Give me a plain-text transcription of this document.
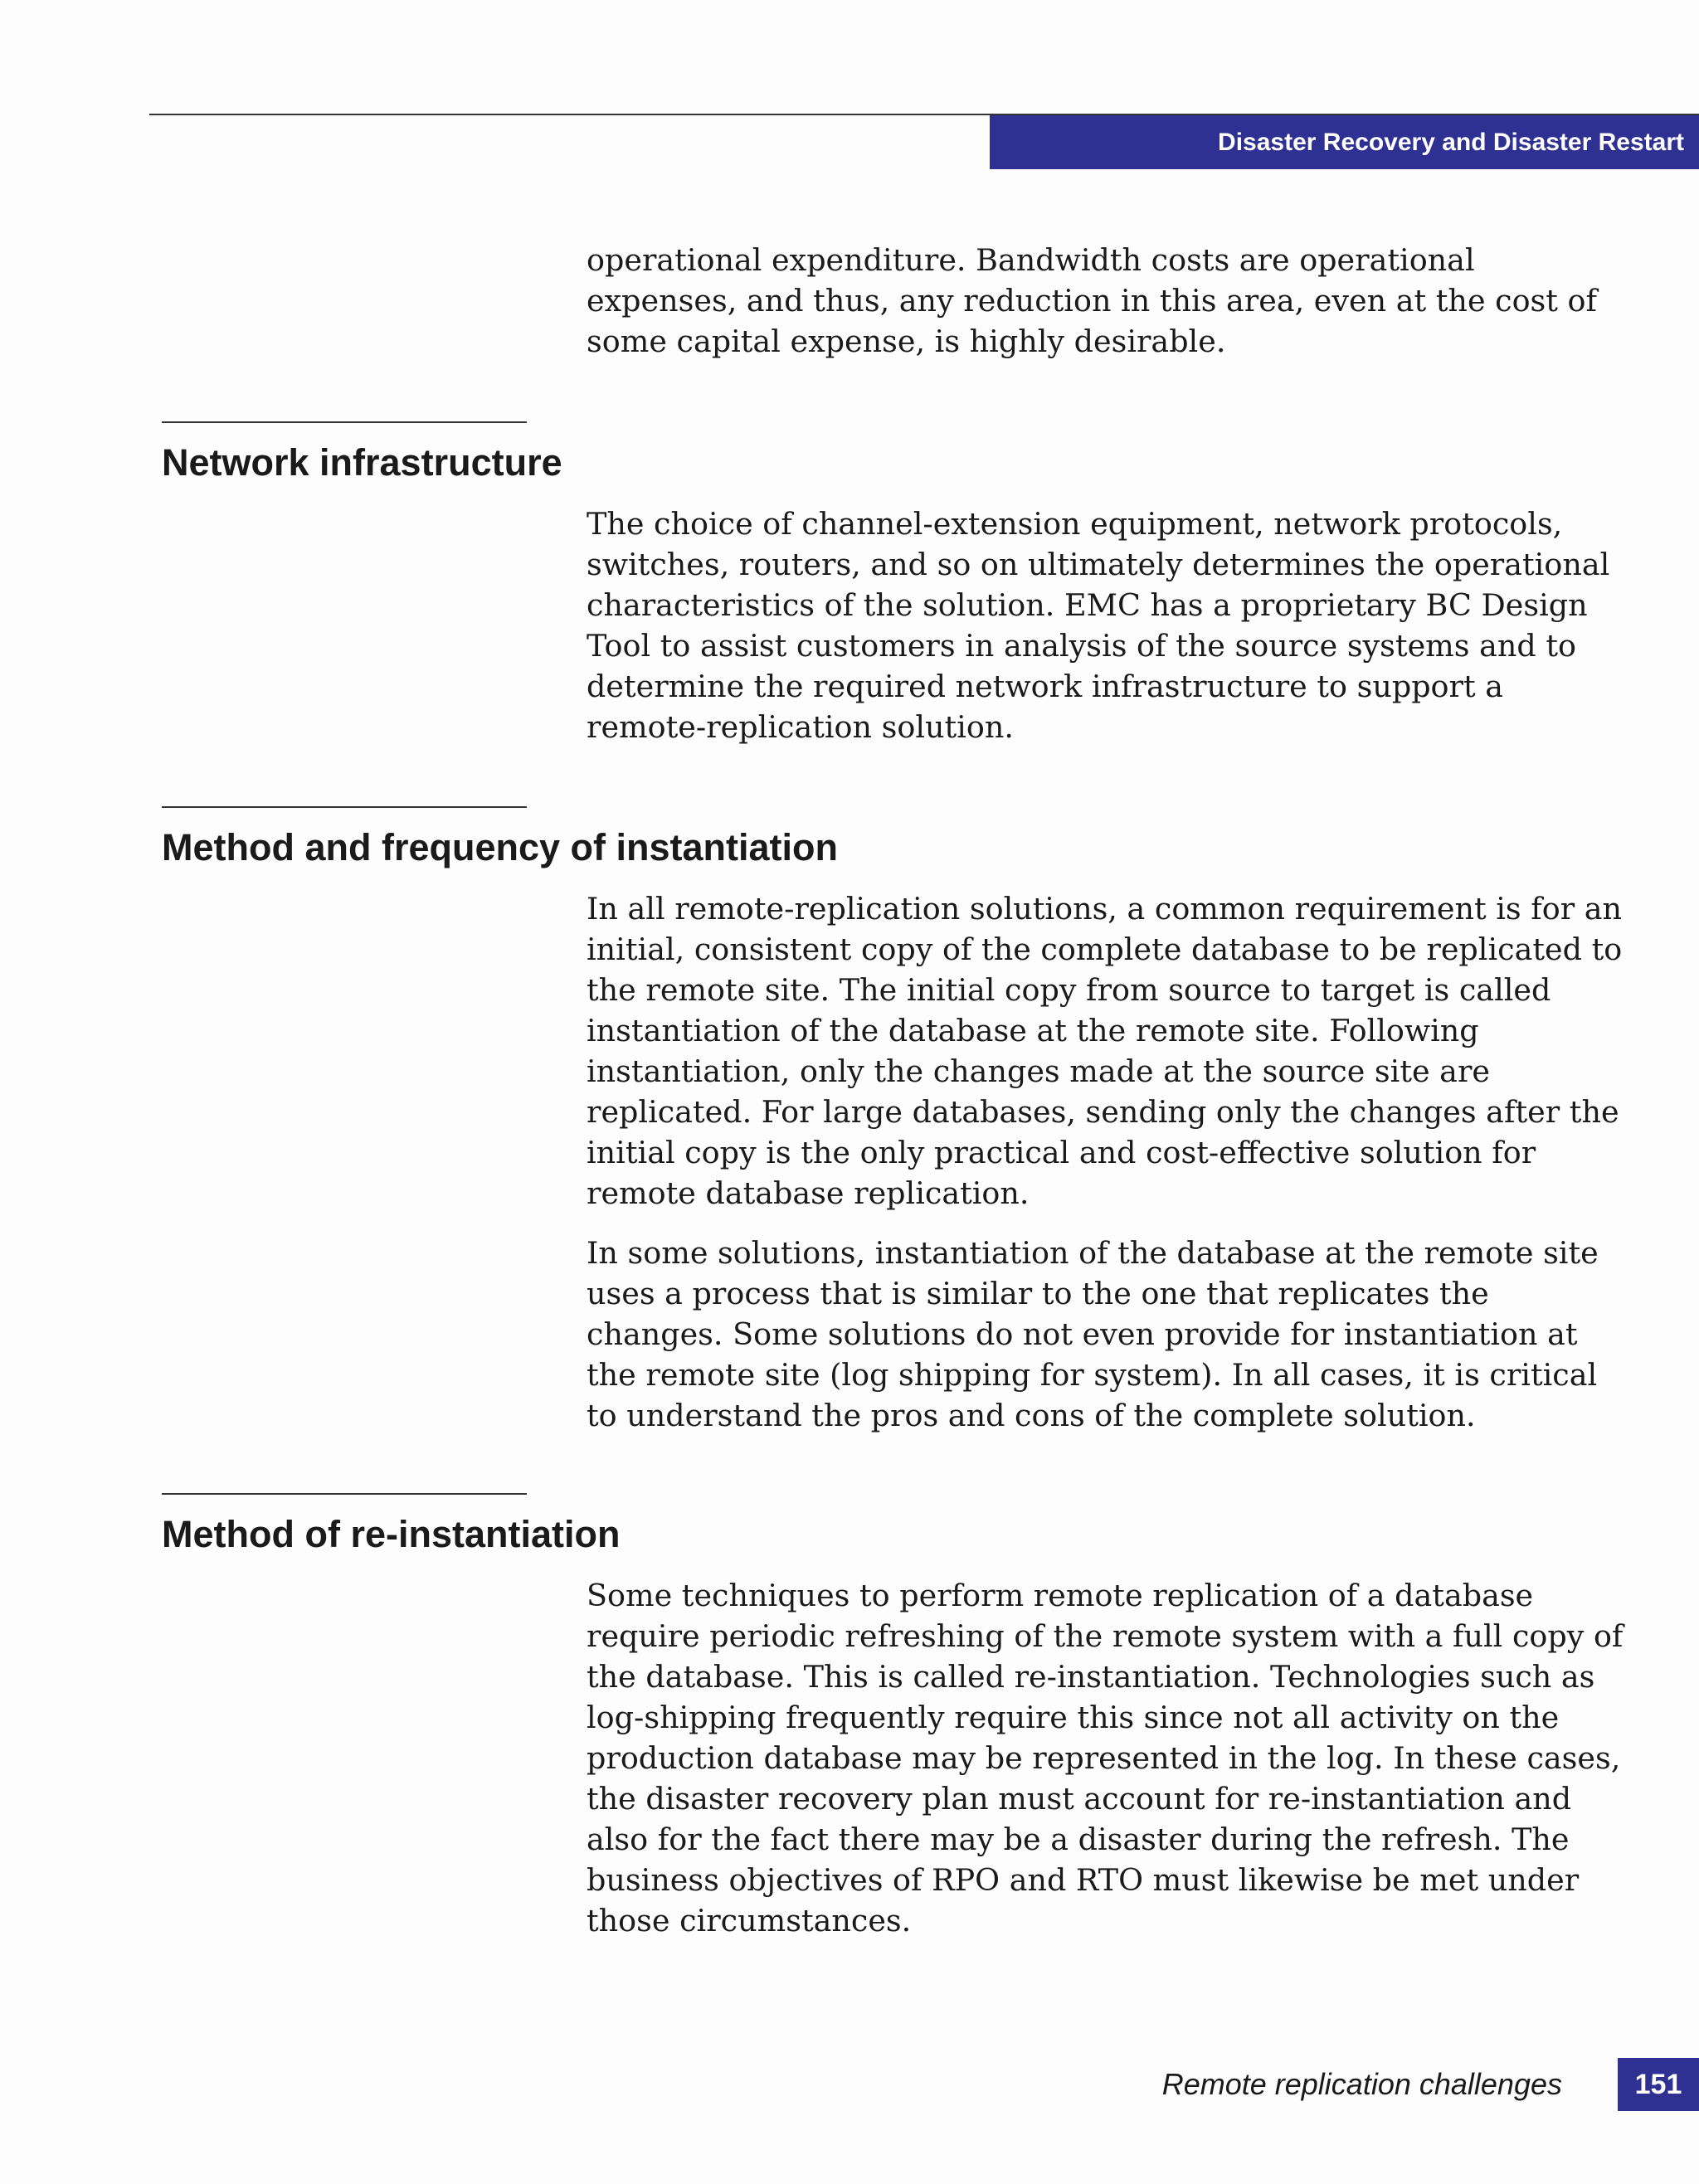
Disaster Recovery and Disaster Restart

operational expenditure. Bandwidth costs are operational expenses, and thus, any reduction in this area, even at the cost of some capital expense, is highly desirable.

Network infrastructure

The choice of channel-extension equipment, network protocols, switches, routers, and so on ultimately determines the operational characteristics of the solution. EMC has a proprietary BC Design Tool to assist customers in analysis of the source systems and to determine the required network infrastructure to support a remote-replication solution.

Method and frequency of instantiation

In all remote-replication solutions, a common requirement is for an initial, consistent copy of the complete database to be replicated to the remote site. The initial copy from source to target is called instantiation of the database at the remote site. Following instantiation, only the changes made at the source site are replicated. For large databases, sending only the changes after the initial copy is the only practical and cost-effective solution for remote database replication.

In some solutions, instantiation of the database at the remote site uses a process that is similar to the one that replicates the changes. Some solutions do not even provide for instantiation at the remote site (log shipping for system). In all cases, it is critical to understand the pros and cons of the complete solution.

Method of re-instantiation

Some techniques to perform remote replication of a database require periodic refreshing of the remote system with a full copy of the database. This is called re-instantiation. Technologies such as log-shipping frequently require this since not all activity on the production database may be represented in the log. In these cases, the disaster recovery plan must account for re-instantiation and also for the fact there may be a disaster during the refresh. The business objectives of RPO and RTO must likewise be met under those circumstances.

Remote replication challenges	151
